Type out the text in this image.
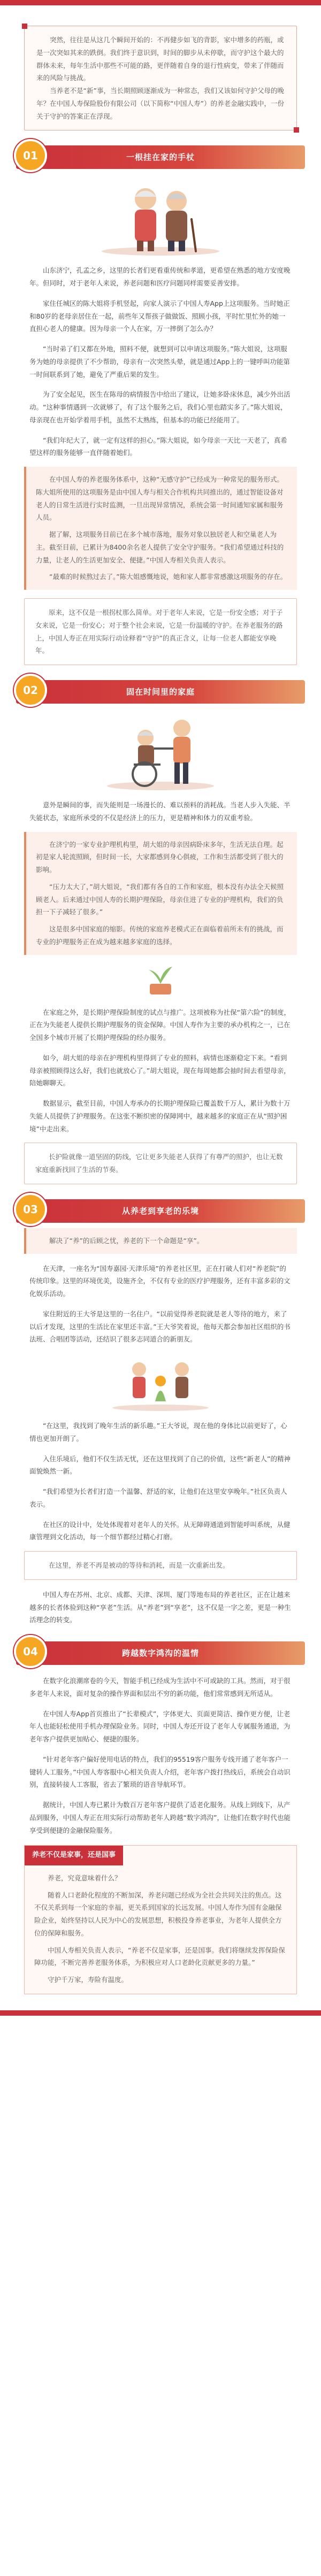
突然，往往是从这几个瞬间开始的：不再健步如飞的背影，家中增多的药瓶，或是一次突如其来的跌倒。我们终于意识到，时间的脚步从未停歇，而守护这个最大的群体未来，每年生活中那些不可能的路，更伴随着自身的退行性病变，带来了伴随而来的风险与挑战。

当养老不是“新”事，当长期照顾逐渐成为一种常态，我们又该如何守护父母的晚年？在中国人寿保险股份有限公司（以下简称“中国人寿”）的养老金融实践中，一份关于守护的答案正在浮现。

01	一根挂在家的手杖

山东济宁，孔孟之乡，这里的长者们更看重传统和孝道，更希望在熟悉的地方安度晚年。但同时，对于老年人来说，养老问题和医疗问题同样需要妥善安排。

家住任城区的陈大姐将手机竖起，向家人演示了中国人寿App上这项服务。当时她正和80岁的老母亲居住在一起，前些年又帮孩子做做饭、照顾小孩，平时忙里忙外的她一直担心老人的健康。因为母亲一个人在家，万一摔倒了怎么办？

“当时弟了们又都在外地，照料不便，就想到可以申请这项服务。”陈大姐说，这项服务为她的母亲提供了不少帮助，母亲有一次突然头晕，就是通过App上的一键呼叫功能第一时间联系到了她，避免了严重后果的发生。

为了安全起见，医生在陈母的病情报告中给出了建议，让她多卧床休息，减少外出活动。“这种事情遇到一次就够了，有了这个服务之后，我们心里也踏实多了。”陈大姐说，母亲现在也开始学着用手机，虽然不太熟练，但基本的功能已经能用了。

“我们年纪大了，就一定有这样的担心。”陈大姐说，如今母亲一天比一天老了，真希望这样的服务能够一直伴随着她们。

在中国人寿的养老服务体系中，这种“无感守护”已经成为一种常见的服务形式。陈大姐所使用的这项服务是由中国人寿与相关合作机构共同推出的，通过智能设备对老人的日常生活进行实时监测，一旦出现异常情况，系统会第一时间通知家属和服务人员。

据了解，这项服务目前已在多个城市落地，服务对象以独居老人和空巢老人为主。截至目前，已累计为8400余名老人提供了安全守护服务。“我们希望通过科技的力量，让老人的生活更加安全、便捷。”中国人寿相关负责人表示。

“最难的时候熬过去了。”陈大姐感慨地说，她和家人都非常感激这项服务的存在。

原来，这不仅是一根拐杖那么简单。对于老年人来说，它是一份安全感；对于子女来说，它是一份安心；对于整个社会来说，它是一份温暖的守护。在养老服务的路上，中国人寿正在用实际行动诠释着“守护”的真正含义，让每一位老人都能安享晚年。

02	固在时间里的家庭

意外是瞬间的事，而失能则是一场漫长的、难以预料的消耗战。当老人步入失能、半失能状态，家庭所承受的不仅是经济上的压力，更是精神和体力的双重考验。

在济宁的一家专业护理机构里，胡大姐的母亲因病卧床多年，生活无法自理。起初是家人轮流照顾，但时间一长，大家都感到身心俱疲，工作和生活都受到了很大的影响。

“压力太大了，”胡大姐说，“我们都有各自的工作和家庭，根本没有办法全天候照顾老人。后来通过中国人寿的长期护理保险，母亲住进了专业的护理机构，我们的负担一下子减轻了很多。”

这是很多中国家庭的缩影。传统的家庭养老模式正在面临着前所未有的挑战，而专业的护理服务正在成为越来越多家庭的选择。

在家庭之外，是长期护理保险制度的试点与推广。这项被称为社保“第六险”的制度，正在为失能老人提供长期护理服务的资金保障。中国人寿作为主要的承办机构之一，已在全国多个城市开展了长期护理保险的经办服务。

如今，胡大姐的母亲在护理机构里得到了专业的照料，病情也逐渐稳定下来。“看到母亲被照顾得这么好，我们也就放心了。”胡大姐说，现在每周她都会抽时间去看望母亲，陪她聊聊天。

数据显示，截至目前，中国人寿承办的长期护理保险已覆盖数千万人，累计为数十万失能人员提供了护理服务。在这张不断织密的保障网中，越来越多的家庭正在从“照护困境”中走出来。

长护险就像一道坚固的防线，它让更多失能老人获得了有尊严的照护，也让无数家庭重新找回了生活的节奏。

03	从养老到享老的乐境

解决了“养”的后顾之忧，养老的下一个命题是“享”。

在天津，一座名为“国寿嘉园·天津乐境”的养老社区里，正在打破人们对“养老院”的传统印象。这里的环境优美，设施齐全，不仅有专业的医疗护理服务，还有丰富多彩的文化娱乐活动。

家住附近的王大爷是这里的一名住户。“以前觉得养老院就是老人等待的地方，来了以后才发现，这里的生活比在家里还丰富。”王大爷笑着说，他每天都会参加社区组织的书法班、合唱团等活动，还结识了很多志同道合的新朋友。

“在这里，我找到了晚年生活的新乐趣。”王大爷说，现在他的身体比以前更好了，心情也更加开朗了。

入住乐境后，他们不仅生活无忧，还在这里找到了自己的价值，这些“新老人”的精神面貌焕然一新。

“我们希望为长者们打造一个温馨、舒适的家，让他们在这里安享晚年。”社区负责人表示。

在社区的设计中，处处体现着对老年人的关怀。从无障碍通道到智能呼叫系统，从健康管理到文化活动，每一个细节都经过精心打磨。

在这里，养老不再是被动的等待和消耗，而是一次重新出发。

中国人寿在苏州、北京、成都、天津、深圳、厦门等地布局的养老社区，正在让越来越多的长者体验到这种“享老”生活。从“养老”到“享老”，这不仅是一字之差，更是一种生活理念的转变。

04	跨越数字鸿沟的温情

在数字化浪潮席卷的今天，智能手机已经成为生活中不可或缺的工具。然而，对于很多老年人来说，面对复杂的操作界面和层出不穷的新功能，他们常常感到无所适从。

在中国人寿App首页推出了“长辈模式”，字体更大、页面更简洁、操作更方便，让老年人也能轻松使用手机办理保险业务。同时，中国人寿还开设了老年人专属服务通道，为老年客户提供更加贴心、便捷的服务。

“针对老年客户偏好使用电话的特点，我们的95519客户服务专线开通了老年客户一键转人工服务。”中国人寿客服中心相关负责人介绍，老年客户拨打热线后，系统会自动识别，直接转接人工客服，省去了繁琐的语音导航环节。

据统计，中国人寿已累计为数百万老年客户提供了适老化服务。从线上到线下，从产品到服务，中国人寿正在用实际行动帮助老年人跨越“数字鸿沟”，让他们在数字时代也能享受到便捷的金融保险服务。

养老不仅是家事，还是国事

养老，究竟意味着什么？

随着人口老龄化程度的不断加深，养老问题已经成为全社会共同关注的焦点。这不仅关系到每一个家庭的幸福，更关系到国家的长远发展。中国人寿作为国有金融保险企业，始终坚持以人民为中心的发展思想，积极投身养老事业，为老年人提供全方位的保障和服务。

中国人寿相关负责人表示，“养老不仅是家事，还是国事。我们将继续发挥保险保障功能，不断完善养老服务体系，为积极应对人口老龄化贡献更多的力量。”

守护千万家，寿险有温度。
